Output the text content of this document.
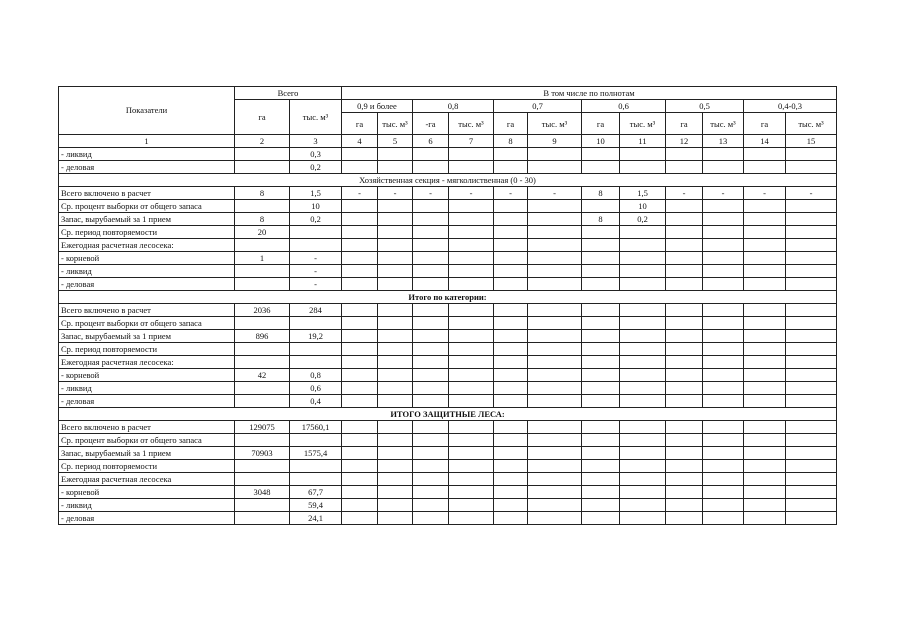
Показатели	Всего		В том числе по полнотам											
	га	тыс. м³	0,9 и более		0,8		0,7		0,6		0,5		0,4-0,3	
			га	тыс. м³	-га	тыс. м³	га	тыс. м³	га	тыс. м³	га	тыс. м³	га	тыс. м³
1	2	3	4	5	6	7	8	9	10	11	12	13	14	15
- ликвид		0,3												
- деловая		0,2												
Хозяйственная секция - мягколиственная (0 - 30)														
Всего включено в расчет	8	1,5	-	-	-	-	-	-	8	1,5	-	-	-	-
Ср. процент выборки от общего запаса		10								10				
Запас, вырубаемый за 1 прием	8	0,2							8	0,2				
Ср. период повторяемости	20													
Ежегодная расчетная лесосека:														
- корневой	1	-												
- ликвид		-												
- деловая		-												
Итого по категории:														
Всего включено в расчет	2036	284												
Ср. процент выборки от общего запаса														
Запас, вырубаемый за 1 прием	896	19,2												
Ср. период повторяемости														
Ежегодная расчетная лесосека:														
- корневой	42	0,8												
- ликвид		0,6												
- деловая		0,4												
ИТОГО ЗАЩИТНЫЕ ЛЕСА:														
Всего включено в расчет	129075	17560,1												
Ср. процент выборки от общего запаса														
Запас, вырубаемый за 1 прием	70903	1575,4												
Ср. период повторяемости														
Ежегодная расчетная лесосека														
- корневой	3048	67,7												
- ликвид		59,4												
- деловая		24,1												
